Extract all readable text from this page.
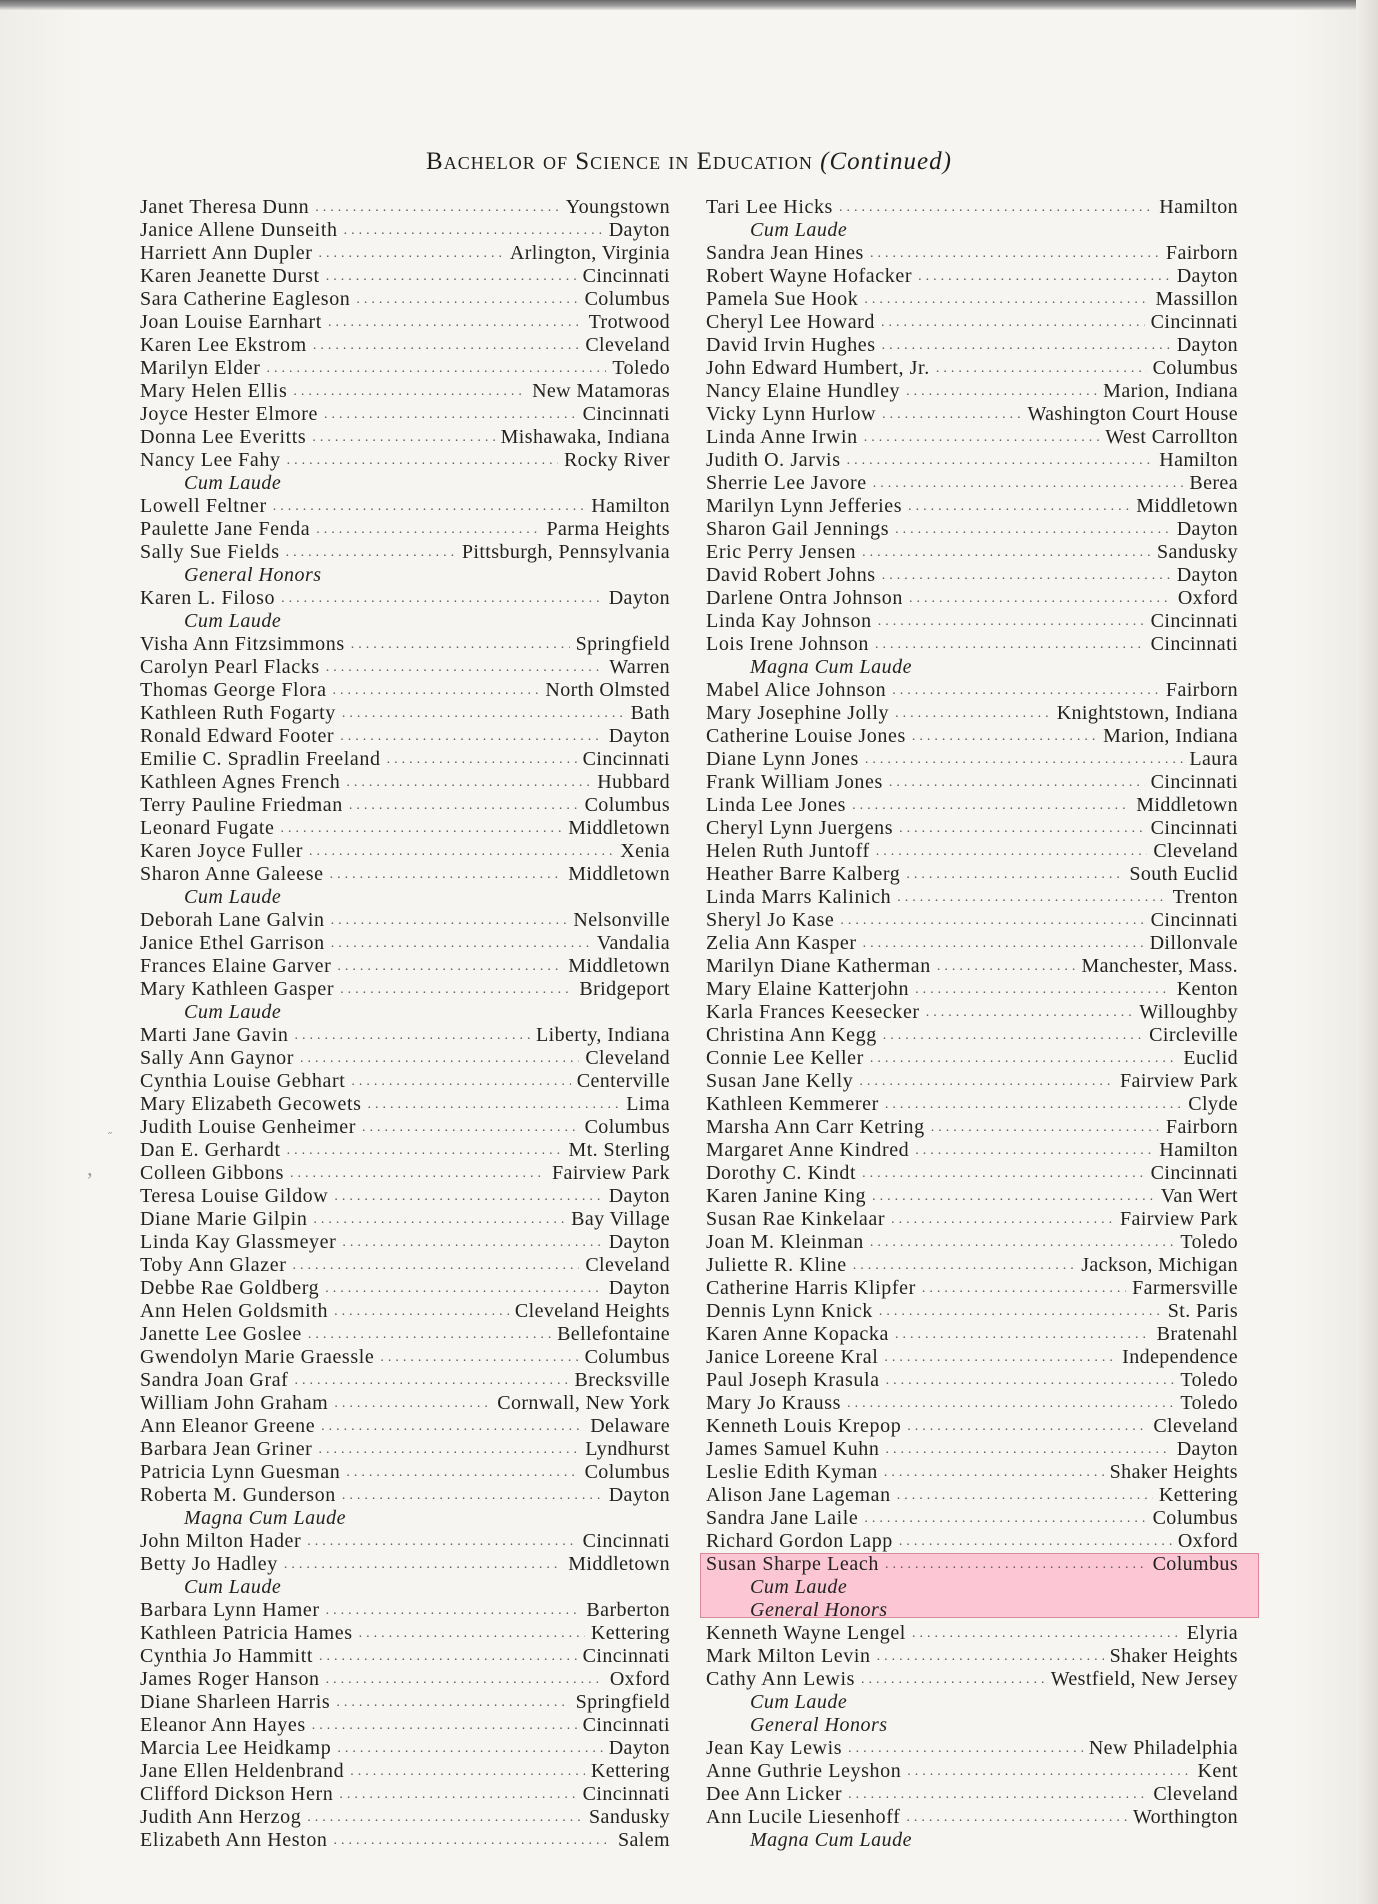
Bachelor of Science in Education (Continued)
Janet Theresa Dunn .....	Youngstown
Janice Allene Dunseith .....	Dayton
Harriett Ann Dupler .....	Arlington, Virginia
Karen Jeanette Durst .....	Cincinnati
Sara Catherine Eagleson .....	Columbus
Joan Louise Earnhart .....	Trotwood
Karen Lee Ekstrom .....	Cleveland
Marilyn Elder .....	Toledo
Mary Helen Ellis .....	New Matamoras
Joyce Hester Elmore .....	Cincinnati
Donna Lee Everitts .....	Mishawaka, Indiana
Nancy Lee Fahy .....	Rocky River
Cum Laude
Lowell Feltner .....	Hamilton
Paulette Jane Fenda .....	Parma Heights
Sally Sue Fields .....	Pittsburgh, Pennsylvania
General Honors
Karen L. Filoso .....	Dayton
Cum Laude
Visha Ann Fitzsimmons .....	Springfield
Carolyn Pearl Flacks .....	Warren
Thomas George Flora .....	North Olmsted
Kathleen Ruth Fogarty .....	Bath
Ronald Edward Footer .....	Dayton
Emilie C. Spradlin Freeland .....	Cincinnati
Kathleen Agnes French .....	Hubbard
Terry Pauline Friedman .....	Columbus
Leonard Fugate .....	Middletown
Karen Joyce Fuller .....	Xenia
Sharon Anne Galeese .....	Middletown
Cum Laude
Deborah Lane Galvin .....	Nelsonville
Janice Ethel Garrison .....	Vandalia
Frances Elaine Garver .....	Middletown
Mary Kathleen Gasper .....	Bridgeport
Cum Laude
Marti Jane Gavin .....	Liberty, Indiana
Sally Ann Gaynor .....	Cleveland
Cynthia Louise Gebhart .....	Centerville
Mary Elizabeth Gecowets .....	Lima
Judith Louise Genheimer .....	Columbus
Dan E. Gerhardt .....	Mt. Sterling
Colleen Gibbons .....	Fairview Park
Teresa Louise Gildow .....	Dayton
Diane Marie Gilpin .....	Bay Village
Linda Kay Glassmeyer .....	Dayton
Toby Ann Glazer .....	Cleveland
Debbe Rae Goldberg .....	Dayton
Ann Helen Goldsmith .....	Cleveland Heights
Janette Lee Goslee .....	Bellefontaine
Gwendolyn Marie Graessle .....	Columbus
Sandra Joan Graf .....	Brecksville
William John Graham .....	Cornwall, New York
Ann Eleanor Greene .....	Delaware
Barbara Jean Griner .....	Lyndhurst
Patricia Lynn Guesman .....	Columbus
Roberta M. Gunderson .....	Dayton
Magna Cum Laude
John Milton Hader .....	Cincinnati
Betty Jo Hadley .....	Middletown
Cum Laude
Barbara Lynn Hamer .....	Barberton
Kathleen Patricia Hames .....	Kettering
Cynthia Jo Hammitt .....	Cincinnati
James Roger Hanson .....	Oxford
Diane Sharleen Harris .....	Springfield
Eleanor Ann Hayes .....	Cincinnati
Marcia Lee Heidkamp .....	Dayton
Jane Ellen Heldenbrand .....	Kettering
Clifford Dickson Hern .....	Cincinnati
Judith Ann Herzog .....	Sandusky
Elizabeth Ann Heston .....	Salem
Tari Lee Hicks .....	Hamilton
Cum Laude
Sandra Jean Hines .....	Fairborn
Robert Wayne Hofacker .....	Dayton
Pamela Sue Hook .....	Massillon
Cheryl Lee Howard .....	Cincinnati
David Irvin Hughes .....	Dayton
John Edward Humbert, Jr. .....	Columbus
Nancy Elaine Hundley .....	Marion, Indiana
Vicky Lynn Hurlow .....	Washington Court House
Linda Anne Irwin .....	West Carrollton
Judith O. Jarvis .....	Hamilton
Sherrie Lee Javore .....	Berea
Marilyn Lynn Jefferies .....	Middletown
Sharon Gail Jennings .....	Dayton
Eric Perry Jensen .....	Sandusky
David Robert Johns .....	Dayton
Darlene Ontra Johnson .....	Oxford
Linda Kay Johnson .....	Cincinnati
Lois Irene Johnson .....	Cincinnati
Magna Cum Laude
Mabel Alice Johnson .....	Fairborn
Mary Josephine Jolly .....	Knightstown, Indiana
Catherine Louise Jones .....	Marion, Indiana
Diane Lynn Jones .....	Laura
Frank William Jones .....	Cincinnati
Linda Lee Jones .....	Middletown
Cheryl Lynn Juergens .....	Cincinnati
Helen Ruth Juntoff .....	Cleveland
Heather Barre Kalberg .....	South Euclid
Linda Marrs Kalinich .....	Trenton
Sheryl Jo Kase .....	Cincinnati
Zelia Ann Kasper .....	Dillonvale
Marilyn Diane Katherman .....	Manchester, Mass.
Mary Elaine Katterjohn .....	Kenton
Karla Frances Keesecker .....	Willoughby
Christina Ann Kegg .....	Circleville
Connie Lee Keller .....	Euclid
Susan Jane Kelly .....	Fairview Park
Kathleen Kemmerer .....	Clyde
Marsha Ann Carr Ketring .....	Fairborn
Margaret Anne Kindred .....	Hamilton
Dorothy C. Kindt .....	Cincinnati
Karen Janine King .....	Van Wert
Susan Rae Kinkelaar .....	Fairview Park
Joan M. Kleinman .....	Toledo
Juliette R. Kline .....	Jackson, Michigan
Catherine Harris Klipfer .....	Farmersville
Dennis Lynn Knick .....	St. Paris
Karen Anne Kopacka .....	Bratenahl
Janice Loreene Kral .....	Independence
Paul Joseph Krasula .....	Toledo
Mary Jo Krauss .....	Toledo
Kenneth Louis Krepop .....	Cleveland
James Samuel Kuhn .....	Dayton
Leslie Edith Kyman .....	Shaker Heights
Alison Jane Lageman .....	Kettering
Sandra Jane Laile .....	Columbus
Richard Gordon Lapp .....	Oxford
Susan Sharpe Leach .....	Columbus
Cum Laude
General Honors
Kenneth Wayne Lengel .....	Elyria
Mark Milton Levin .....	Shaker Heights
Cathy Ann Lewis .....	Westfield, New Jersey
Cum Laude
General Honors
Jean Kay Lewis .....	New Philadelphia
Anne Guthrie Leyshon .....	Kent
Dee Ann Licker .....	Cleveland
Ann Lucile Liesenhoff .....	Worthington
Magna Cum Laude
˶
ʼ
